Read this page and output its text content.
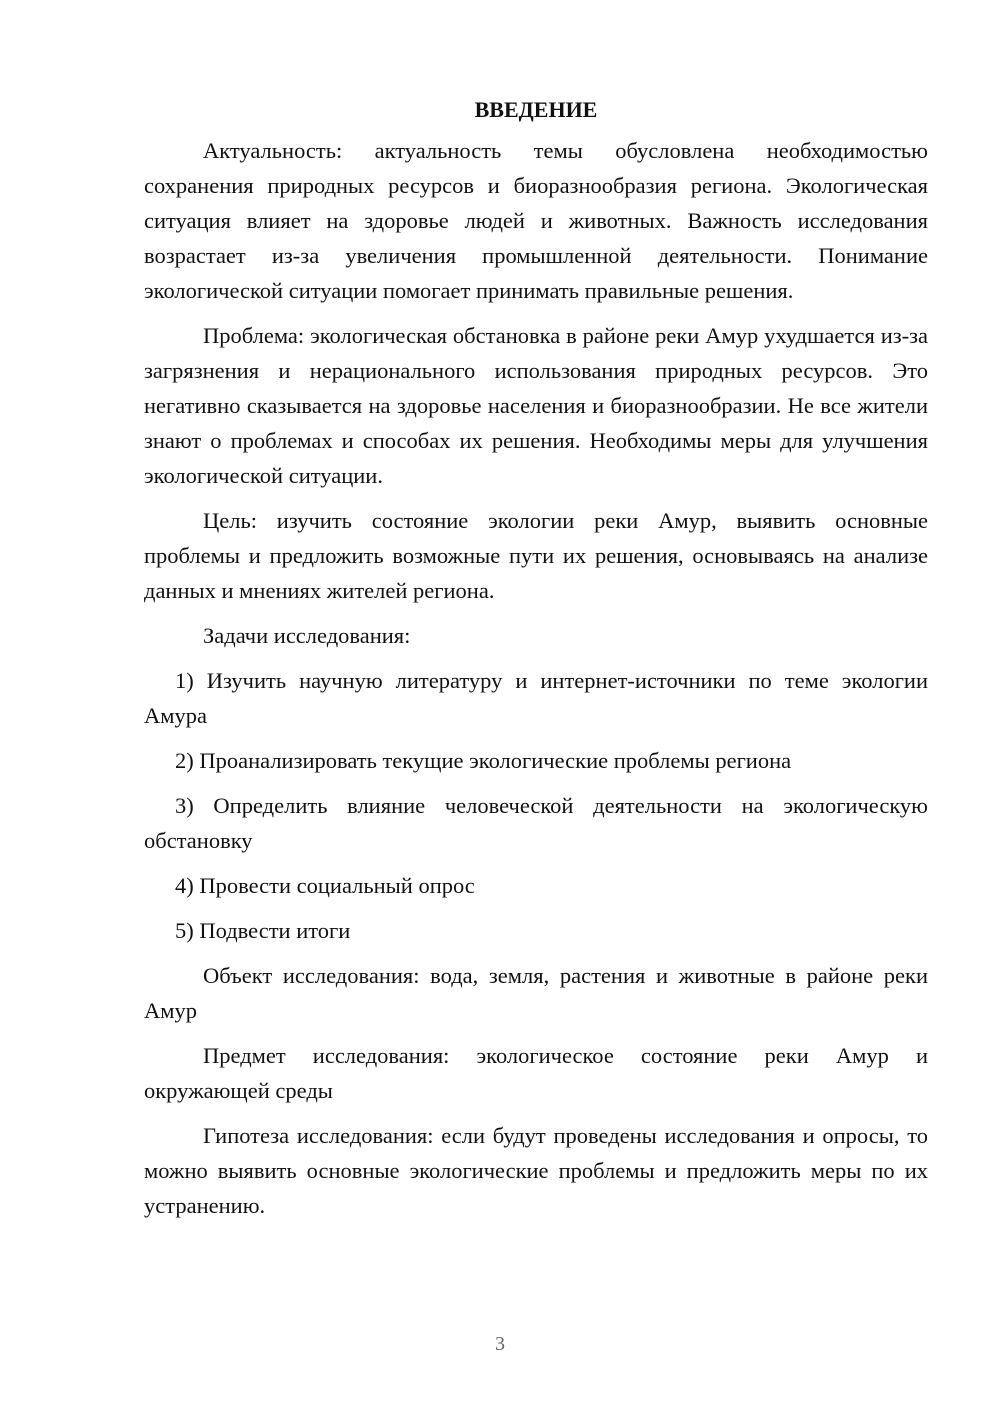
ВВЕДЕНИЕ

Актуальность: актуальность темы обусловлена необходимостью сохранения природных ресурсов и биоразнообразия региона. Экологическая ситуация влияет на здоровье людей и животных. Важность исследования возрастает из-за увеличения промышленной деятельности. Понимание экологической ситуации помогает принимать правильные решения.

Проблема: экологическая обстановка в районе реки Амур ухудшается из-за загрязнения и нерационального использования природных ресурсов. Это негативно сказывается на здоровье населения и биоразнообразии. Не все жители знают о проблемах и способах их решения. Необходимы меры для улучшения экологической ситуации.

Цель: изучить состояние экологии реки Амур, выявить основные проблемы и предложить возможные пути их решения, основываясь на анализе данных и мнениях жителей региона.

Задачи исследования:

1) Изучить научную литературу и интернет-источники по теме экологии Амура

2) Проанализировать текущие экологические проблемы региона

3) Определить влияние человеческой деятельности на экологическую обстановку

4) Провести социальный опрос

5) Подвести итоги

Объект исследования: вода, земля, растения и животные в районе реки Амур

Предмет исследования: экологическое состояние реки Амур и окружающей среды

Гипотеза исследования: если будут проведены исследования и опросы, то можно выявить основные экологические проблемы и предложить меры по их устранению.

3
